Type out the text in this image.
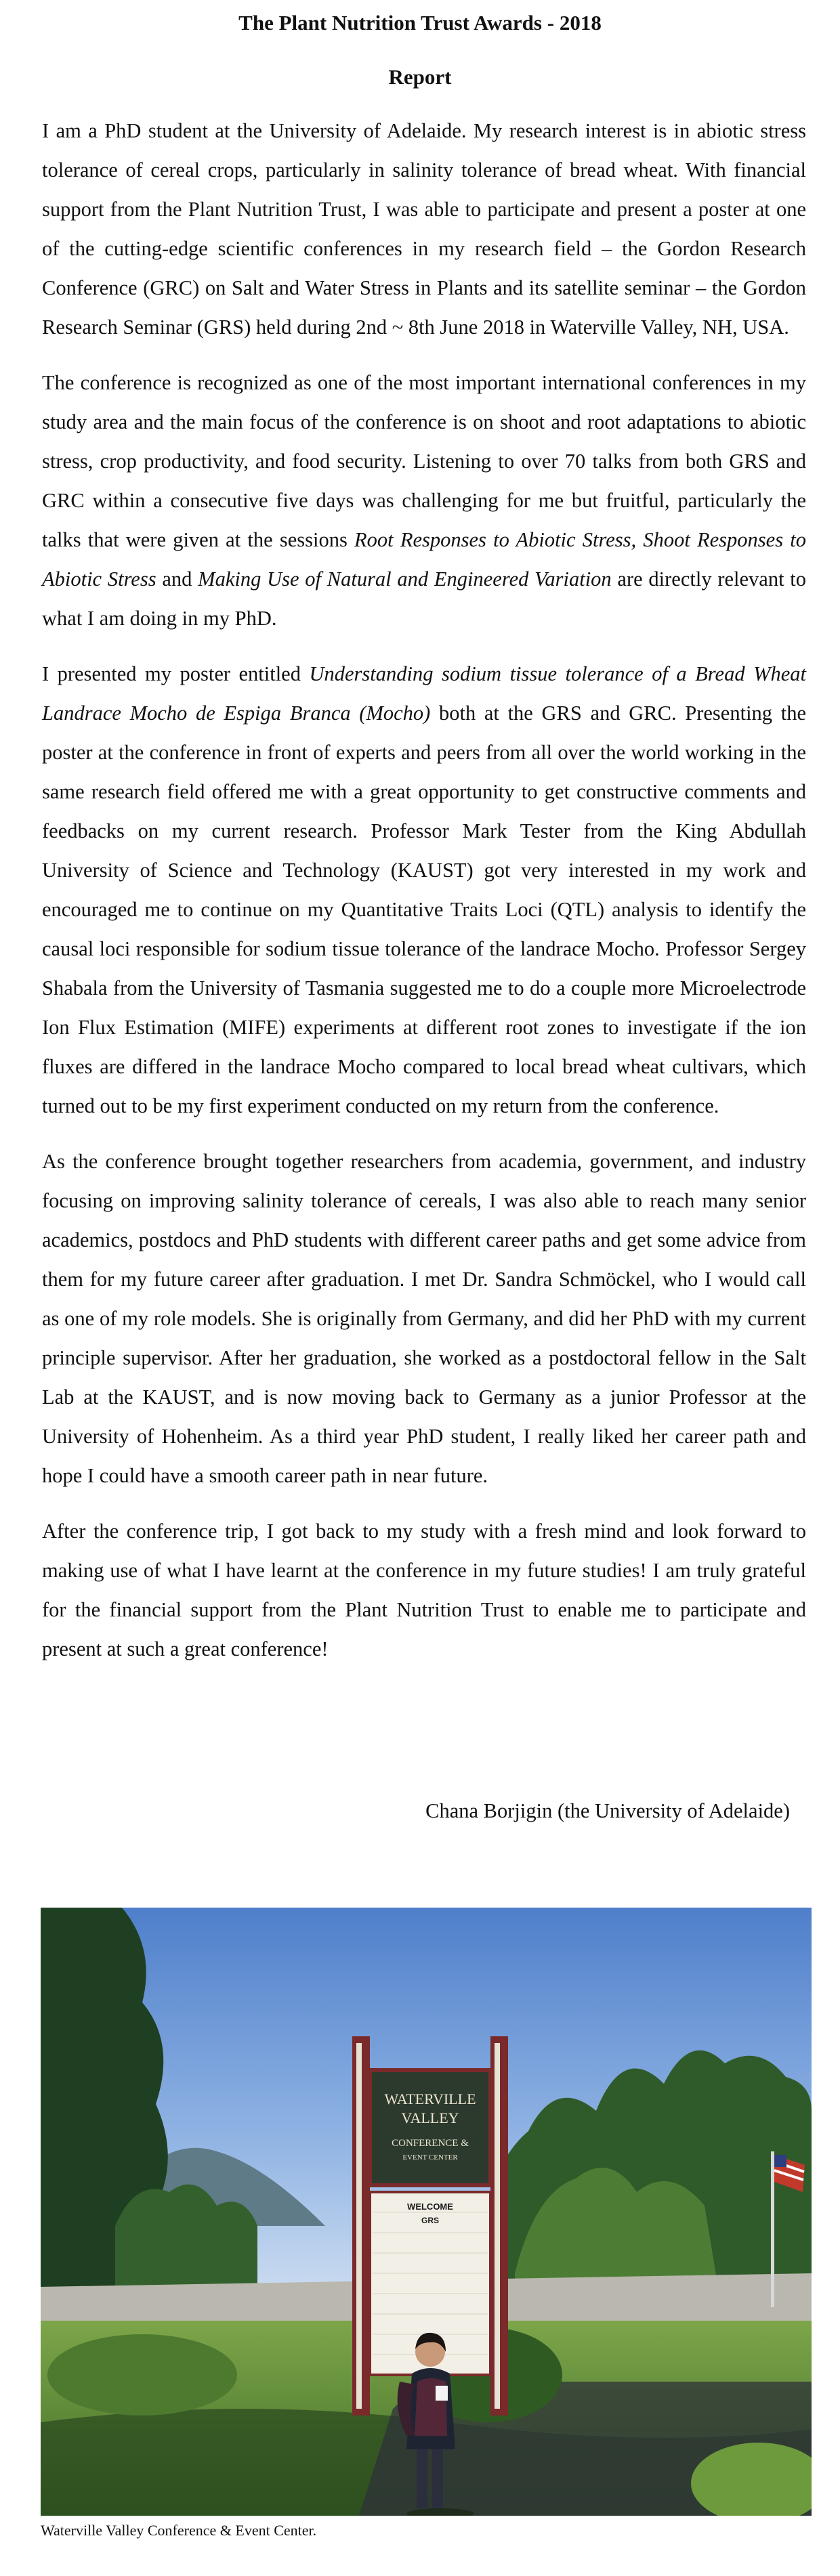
The Plant Nutrition Trust Awards - 2018
Report

I am a PhD student at the University of Adelaide. My research interest is in abiotic stress tolerance of cereal crops, particularly in salinity tolerance of bread wheat. With financial support from the Plant Nutrition Trust, I was able to participate and present a poster at one of the cutting-edge scientific conferences in my research field – the Gordon Research Conference (GRC) on Salt and Water Stress in Plants and its satellite seminar – the Gordon Research Seminar (GRS) held during 2nd ~ 8th June 2018 in Waterville Valley, NH, USA.

The conference is recognized as one of the most important international conferences in my study area and the main focus of the conference is on shoot and root adaptations to abiotic stress, crop productivity, and food security. Listening to over 70 talks from both GRS and GRC within a consecutive five days was challenging for me but fruitful, particularly the talks that were given at the sessions Root Responses to Abiotic Stress, Shoot Responses to Abiotic Stress and Making Use of Natural and Engineered Variation are directly relevant to what I am doing in my PhD.

I presented my poster entitled Understanding sodium tissue tolerance of a Bread Wheat Landrace Mocho de Espiga Branca (Mocho) both at the GRS and GRC. Presenting the poster at the conference in front of experts and peers from all over the world working in the same research field offered me with a great opportunity to get constructive comments and feedbacks on my current research. Professor Mark Tester from the King Abdullah University of Science and Technology (KAUST) got very interested in my work and encouraged me to continue on my Quantitative Traits Loci (QTL) analysis to identify the causal loci responsible for sodium tissue tolerance of the landrace Mocho. Professor Sergey Shabala from the University of Tasmania suggested me to do a couple more Microelectrode Ion Flux Estimation (MIFE) experiments at different root zones to investigate if the ion fluxes are differed in the landrace Mocho compared to local bread wheat cultivars, which turned out to be my first experiment conducted on my return from the conference.

As the conference brought together researchers from academia, government, and industry focusing on improving salinity tolerance of cereals, I was also able to reach many senior academics, postdocs and PhD students with different career paths and get some advice from them for my future career after graduation. I met Dr. Sandra Schmöckel, who I would call as one of my role models. She is originally from Germany, and did her PhD with my current principle supervisor. After her graduation, she worked as a postdoctoral fellow in the Salt Lab at the KAUST, and is now moving back to Germany as a junior Professor at the University of Hohenheim. As a third year PhD student, I really liked her career path and hope I could have a smooth career path in near future.

After the conference trip, I got back to my study with a fresh mind and look forward to making use of what I have learnt at the conference in my future studies! I am truly grateful for the financial support from the Plant Nutrition Trust to enable me to participate and present at such a great conference!

Chana Borjigin (the University of Adelaide)
WATERVILLE
VALLEY
CONFERENCE &
EVENT CENTER
WELCOME
GRS
Waterville Valley Conference & Event Center.
